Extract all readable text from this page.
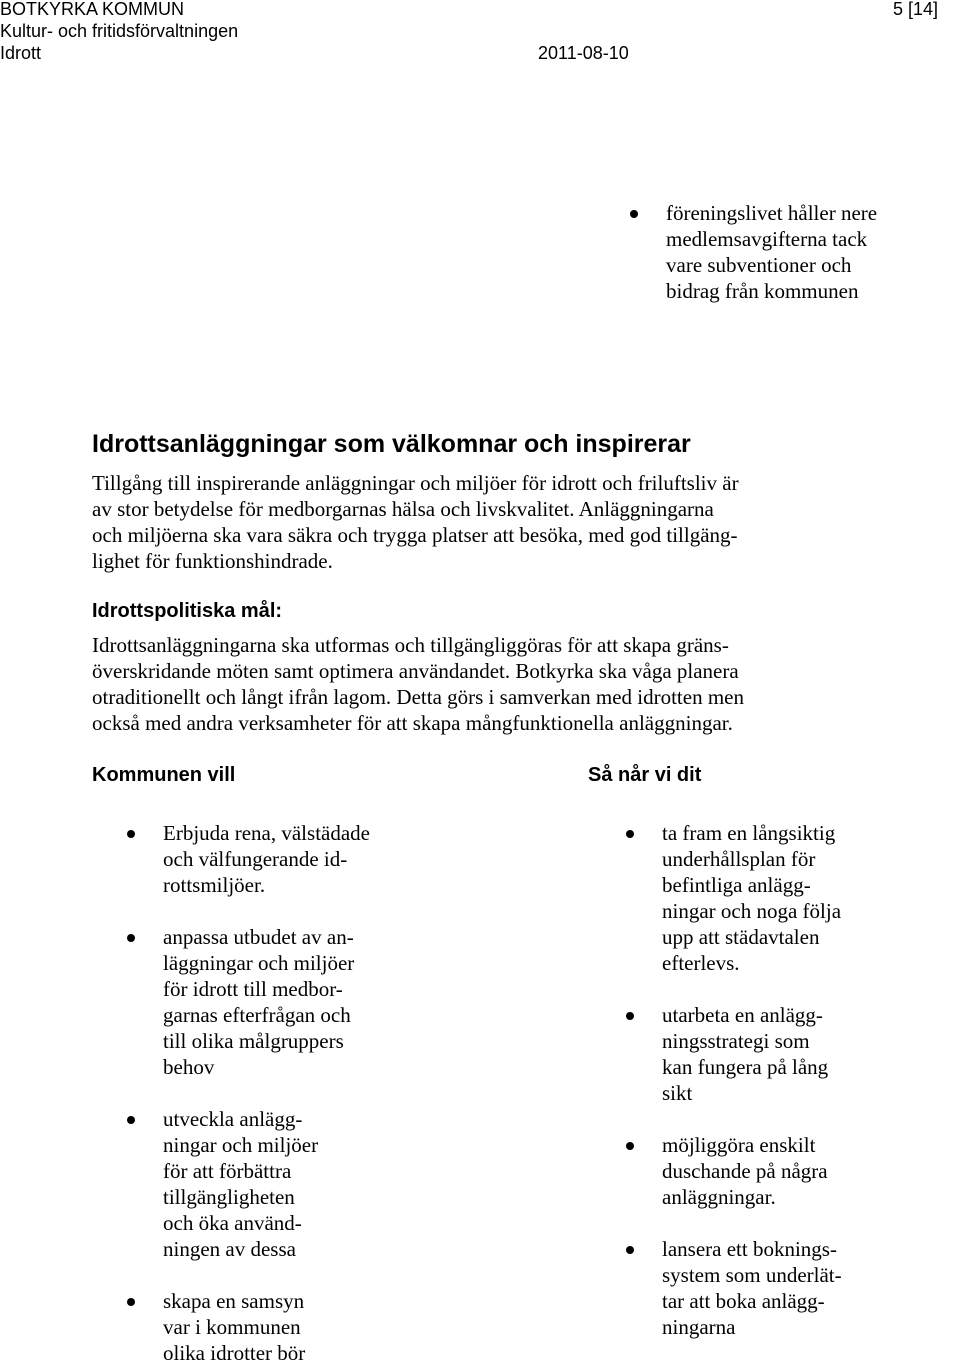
BOTKYRKA KOMMUN
Kultur- och fritidsförvaltningen
Idrott	2011-08-10
5 [14]
föreningslivet håller nere
medlemsavgifterna tack
vare subventioner och
bidrag från kommunen
Idrottsanläggningar som välkomnar och inspirerar

Tillgång till inspirerande anläggningar och miljöer för idrott och friluftsliv är
av stor betydelse för medborgarnas hälsa och livskvalitet. Anläggningarna
och miljöerna ska vara säkra och trygga platser att besöka, med god tillgäng-
lighet för funktionshindrade.

Idrottspolitiska mål:

Idrottsanläggningarna ska utformas och tillgängliggöras för att skapa gräns-
överskridande möten samt optimera användandet. Botkyrka ska våga planera
otraditionellt och långt ifrån lagom. Detta görs i samverkan med idrotten men
också med andra verksamheter för att skapa mångfunktionella anläggningar.

Kommunen vill	Så når vi dit
Erbjuda rena, välstädade
och välfungerande id-
rottsmiljöer.
anpassa utbudet av an-
läggningar och miljöer
för idrott till medbor-
garnas efterfrågan och
till olika målgruppers
behov
utveckla anlägg-
ningar och miljöer
för att förbättra
tillgängligheten
och öka använd-
ningen av dessa
skapa en samsyn
var i kommunen
olika idrotter bör
ta fram en långsiktig
underhållsplan för
befintliga anlägg-
ningar och noga följa
upp att städavtalen
efterlevs.
utarbeta en anlägg-
ningsstrategi som
kan fungera på lång
sikt
möjliggöra enskilt
duschande på några
anläggningar.
lansera ett boknings-
system som underlät-
tar att boka anlägg-
ningarna
